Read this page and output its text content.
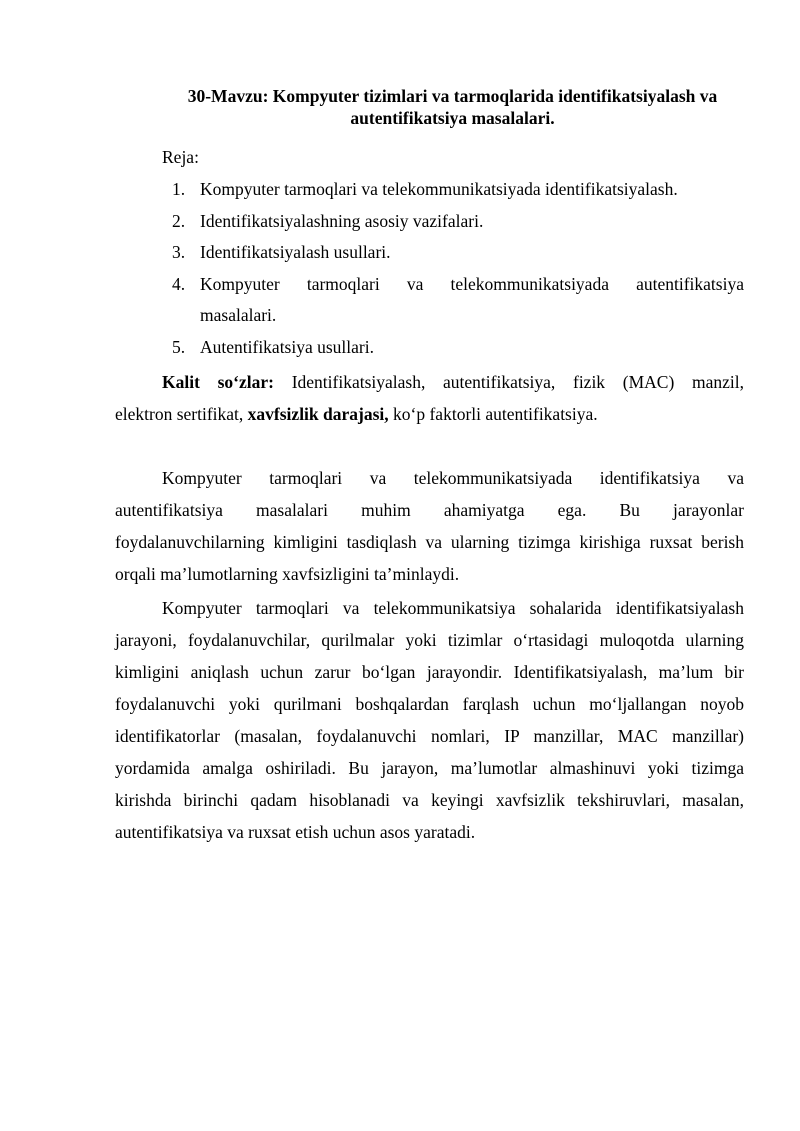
30-Mavzu: Kompyuter tizimlari va tarmoqlarida identifikatsiyalash va
autentifikatsiya masalalari.

Reja:

1. Kompyuter tarmoqlari va telekommunikatsiyada identifikatsiyalash.
2. Identifikatsiyalashning asosiy vazifalari.
3. Identifikatsiyalash usullari.
4. Kompyuter tarmoqlari va telekommunikatsiyada autentifikatsiya
masalalari.
5. Autentifikatsiya usullari.
Kalit so‘zlar: Identifikatsiyalash, autentifikatsiya, fizik (MAC) manzil,
elektron sertifikat, xavfsizlik darajasi, ko‘p faktorli autentifikatsiya.
Kompyuter tarmoqlari va telekommunikatsiyada identifikatsiya va
autentifikatsiya masalalari muhim ahamiyatga ega. Bu jarayonlar
foydalanuvchilarning kimligini tasdiqlash va ularning tizimga kirishiga ruxsat berish
orqali ma’lumotlarning xavfsizligini ta’minlaydi.
Kompyuter tarmoqlari va telekommunikatsiya sohalarida identifikatsiyalash
jarayoni, foydalanuvchilar, qurilmalar yoki tizimlar o‘rtasidagi muloqotda ularning
kimligini aniqlash uchun zarur bo‘lgan jarayondir. Identifikatsiyalash, ma’lum bir
foydalanuvchi yoki qurilmani boshqalardan farqlash uchun mo‘ljallangan noyob
identifikatorlar (masalan, foydalanuvchi nomlari, IP manzillar, MAC manzillar)
yordamida amalga oshiriladi. Bu jarayon, ma’lumotlar almashinuvi yoki tizimga
kirishda birinchi qadam hisoblanadi va keyingi xavfsizlik tekshiruvlari, masalan,
autentifikatsiya va ruxsat etish uchun asos yaratadi.
